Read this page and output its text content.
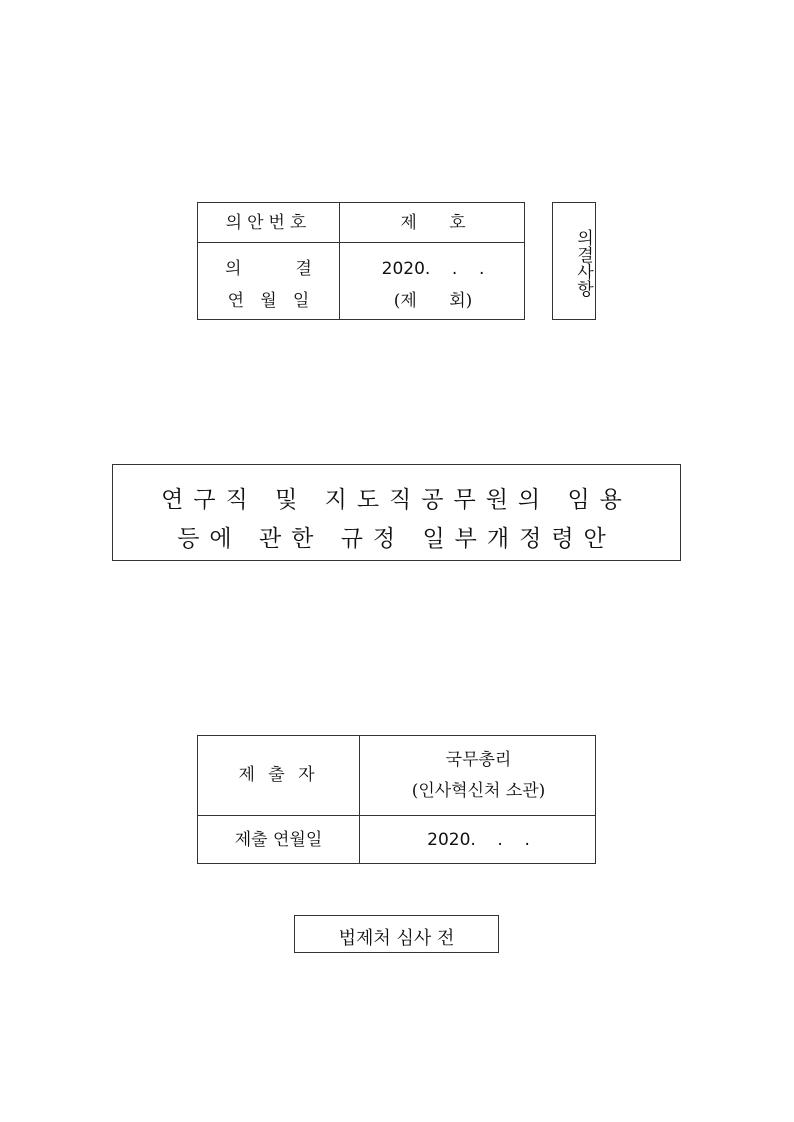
의안번호	제      호
의          결
연   월   일
2020.    .    .
(제      회)
의결사항
연구직 및 지도직공무원의 임용
등에 관한 규정 일부개정령안
제 출 자
국무총리
(인사혁신처 소관)
제출 연월일	2020.    .    .
법제처 심사 전
